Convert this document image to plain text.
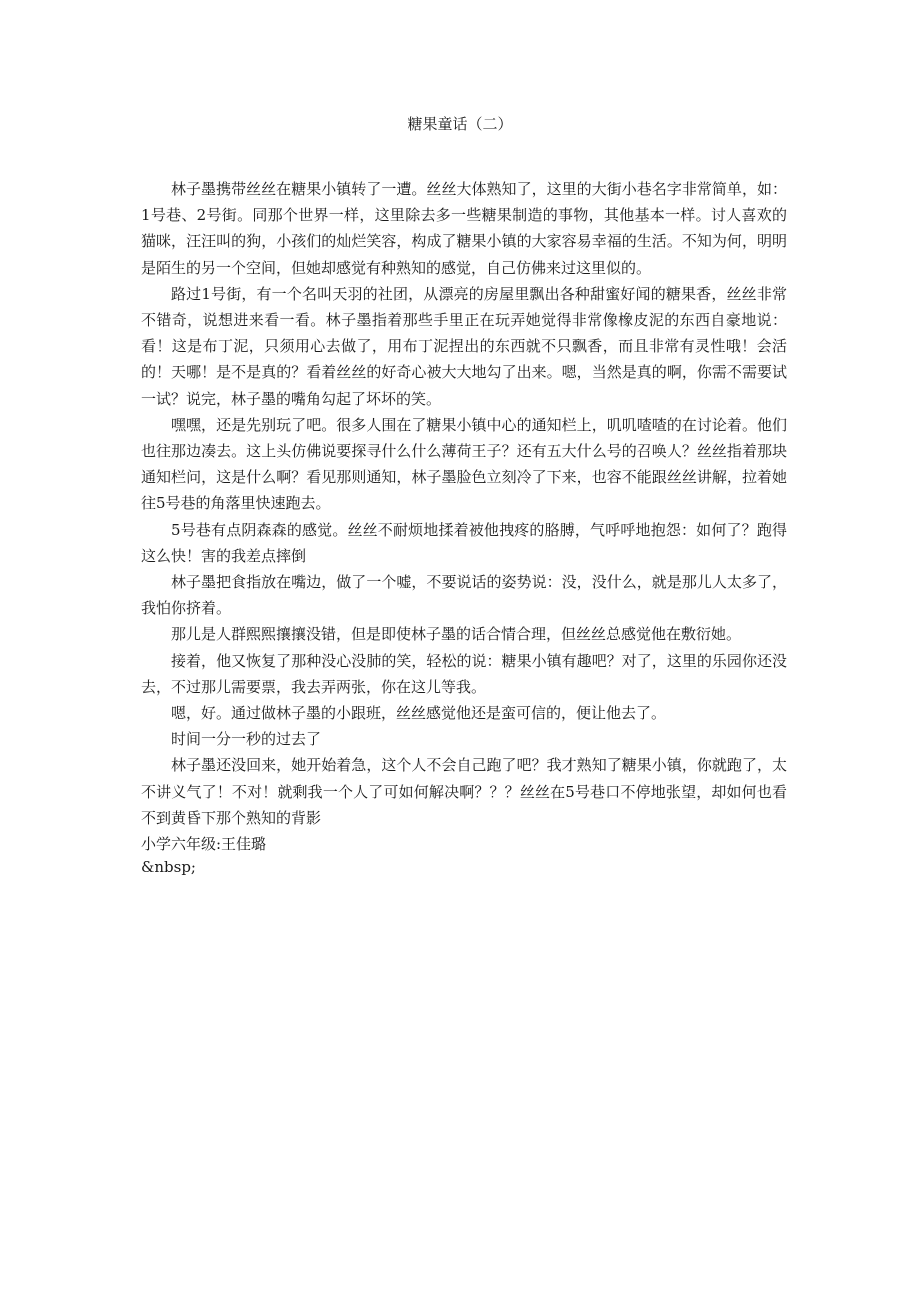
糖果童话（二）

林子墨携带丝丝在糖果小镇转了一遭。丝丝大体熟知了，这里的大街小巷名字非常简单，如：1号巷、2号街。同那个世界一样，这里除去多一些糖果制造的事物，其他基本一样。讨人喜欢的猫咪，汪汪叫的狗，小孩们的灿烂笑容，构成了糖果小镇的大家容易幸福的生活。不知为何，明明是陌生的另一个空间，但她却感觉有种熟知的感觉，自己仿佛来过这里似的。

路过1号街，有一个名叫天羽的社团，从漂亮的房屋里飘出各种甜蜜好闻的糖果香，丝丝非常不错奇，说想进来看一看。林子墨指着那些手里正在玩弄她觉得非常像橡皮泥的东西自豪地说：看！这是布丁泥，只须用心去做了，用布丁泥捏出的东西就不只飘香，而且非常有灵性哦！会活的！天哪！是不是真的？看着丝丝的好奇心被大大地勾了出来。嗯，当然是真的啊，你需不需要试一试？说完，林子墨的嘴角勾起了坏坏的笑。

嘿嘿，还是先别玩了吧。很多人围在了糖果小镇中心的通知栏上，叽叽喳喳的在讨论着。他们也往那边凑去。这上头仿佛说要探寻什么什么薄荷王子？还有五大什么号的召唤人？丝丝指着那块通知栏问，这是什么啊？看见那则通知，林子墨脸色立刻冷了下来，也容不能跟丝丝讲解，拉着她往5号巷的角落里快速跑去。

5号巷有点阴森森的感觉。丝丝不耐烦地揉着被他拽疼的胳膊，气呼呼地抱怨：如何了？跑得这么快！害的我差点摔倒

林子墨把食指放在嘴边，做了一个嘘，不要说话的姿势说：没，没什么，就是那儿人太多了，我怕你挤着。

那儿是人群熙熙攘攘没错，但是即使林子墨的话合情合理，但丝丝总感觉他在敷衍她。

接着，他又恢复了那种没心没肺的笑，轻松的说：糖果小镇有趣吧？对了，这里的乐园你还没去，不过那儿需要票，我去弄两张，你在这儿等我。

嗯，好。通过做林子墨的小跟班，丝丝感觉他还是蛮可信的，便让他去了。

时间一分一秒的过去了

林子墨还没回来，她开始着急，这个人不会自己跑了吧？我才熟知了糖果小镇，你就跑了，太不讲义气了！不对！就剩我一个人了可如何解决啊？？？丝丝在5号巷口不停地张望，却如何也看不到黄昏下那个熟知的背影

小学六年级:王佳璐

&nbsp;
